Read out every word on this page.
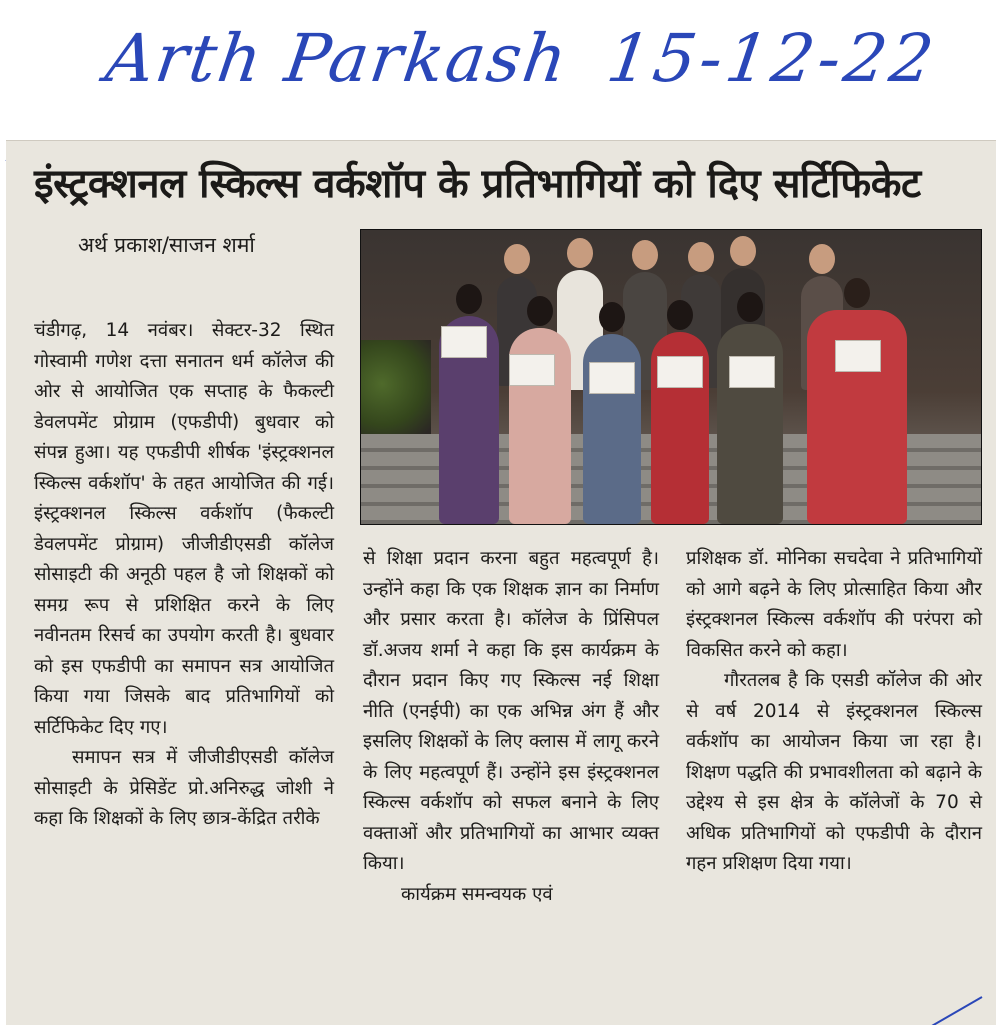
Arth Parkash 15-12-22
इंस्ट्रक्शनल स्किल्स वर्कशॉप के प्रतिभागियों को दिए सर्टिफिकेट
अर्थ प्रकाश/साजन शर्मा

चंडीगढ़, 14 नवंबर। सेक्टर-32 स्थित गोस्वामी गणेश दत्ता सनातन धर्म कॉलेज की ओर से आयोजित एक सप्ताह के फैकल्टी डेवलपमेंट प्रोग्राम (एफडीपी) बुधवार को संपन्न हुआ। यह एफडीपी शीर्षक 'इंस्ट्रक्शनल स्किल्स वर्कशॉप' के तहत आयोजित की गई। इंस्ट्रक्शनल स्किल्स वर्कशॉप (फैकल्टी डेवलपमेंट प्रोग्राम) जीजीडीएसडी कॉलेज सोसाइटी की अनूठी पहल है जो शिक्षकों को समग्र रूप से प्रशिक्षित करने के लिए नवीनतम रिसर्च का उपयोग करती है। बुधवार को इस एफडीपी का समापन सत्र आयोजित किया गया जिसके बाद प्रतिभागियों को सर्टिफिकेट दिए गए।

समापन सत्र में जीजीडीएसडी कॉलेज सोसाइटी के प्रेसिडेंट प्रो.अनिरुद्ध जोशी ने कहा कि शिक्षकों के लिए छात्र-केंद्रित तरीके

से शिक्षा प्रदान करना बहुत महत्वपूर्ण है। उन्होंने कहा कि एक शिक्षक ज्ञान का निर्माण और प्रसार करता है। कॉलेज के प्रिंसिपल डॉ.अजय शर्मा ने कहा कि इस कार्यक्रम के दौरान प्रदान किए गए स्किल्स नई शिक्षा नीति (एनईपी) का एक अभिन्न अंग हैं और इसलिए शिक्षकों के लिए क्लास में लागू करने के लिए महत्वपूर्ण हैं। उन्होंने इस इंस्ट्रक्शनल स्किल्स वर्कशॉप को सफल बनाने के लिए वक्ताओं और प्रतिभागियों का आभार व्यक्त किया।

कार्यक्रम समन्वयक एवं

प्रशिक्षक डॉ. मोनिका सचदेवा ने प्रतिभागियों को आगे बढ़ने के लिए प्रोत्साहित किया और इंस्ट्रक्शनल स्किल्स वर्कशॉप की परंपरा को विकसित करने को कहा।

गौरतलब है कि एसडी कॉलेज की ओर से वर्ष 2014 से इंस्ट्रक्शनल स्किल्स वर्कशॉप का आयोजन किया जा रहा है। शिक्षण पद्धति की प्रभावशीलता को बढ़ाने के उद्देश्य से इस क्षेत्र के कॉलेजों के 70 से अधिक प्रतिभागियों को एफडीपी के दौरान गहन प्रशिक्षण दिया गया।
